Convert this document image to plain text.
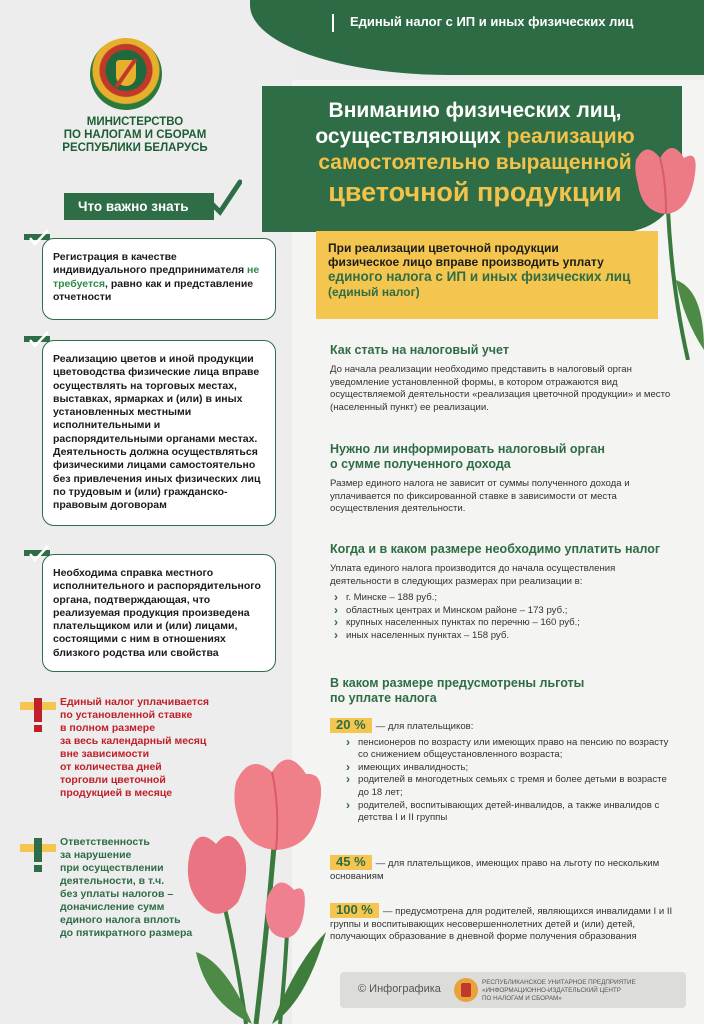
Единый налог с ИП и иных физических лиц
МИНИСТЕРСТВО
ПО НАЛОГАМ И СБОРАМ
РЕСПУБЛИКИ БЕЛАРУСЬ
Что важно знать
Регистрация в качестве индивидуального предпринимателя не требуется, равно как и представление отчетности
Реализацию цветов и иной продукции цветоводства физические лица вправе осуществлять на торговых местах, выставках, ярмарках и (или) в иных установленных местными исполнительными и распорядительными органами местах. Деятельность должна осуществляться физическими лицами самостоятельно без привлечения иных физических лиц по трудовым и (или) гражданско-правовым договорам
Необходима справка местного исполнительного и распорядительного органа, подтверждающая, что реализуемая продукция произведена плательщиком или и (или) лицами, состоящими с ним в отношениях близкого родства или свойства
Единый налог уплачивается
по установленной ставке
в полном размере
за весь календарный месяц
вне зависимости
от количества дней
торговли цветочной
продукцией в месяце
Ответственность
за нарушение
при осуществлении
деятельности, в т.ч.
без уплаты налогов –
доначисление сумм
единого налога вплоть
до пятикратного размера
Вниманию физических лиц,
осуществляющих реализацию
самостоятельно выращенной
цветочной продукции
При реализации цветочной продукции
физическое лицо вправе производить уплату
единого налога с ИП и иных физических лиц
(единый налог)
Как стать на налоговый учет

До начала реализации необходимо представить в налоговый орган уведомление установленной формы, в котором отражаются вид осуществляемой деятельности «реализация цветочной продукции» и место (населенный пункт) ее реализации.

Нужно ли информировать налоговый орган
о сумме полученного дохода

Размер единого налога не зависит от суммы полученного дохода и уплачивается по фиксированной ставке в зависимости от места осуществления деятельности.

Когда и в каком размере необходимо уплатить налог

Уплата единого налога производится до начала осуществления деятельности в следующих размерах при реализации в:

› г. Минске – 188 руб.;
› областных центрах и Минском районе – 173 руб.;
› крупных населенных пунктах по перечню – 160 руб.;
› иных населенных пунктах – 158 руб.
В каком размере предусмотрены льготы
по уплате налога
20 % — для плательщиков:
› пенсионеров по возрасту или имеющих право на пенсию по возрасту со снижением общеустановленного возраста;
› имеющих инвалидность;
› родителей в многодетных семьях с тремя и более детьми в возрасте до 18 лет;
› родителей, воспитывающих детей-инвалидов, а также инвалидов с детства I и II группы
45 % — для плательщиков, имеющих право на льготу по нескольким основаниям
100 % — предусмотрена для родителей, являющихся инвалидами I и II группы и воспитывающих несовершеннолетних детей и (или) детей, получающих образование в дневной форме получения образования
© Инфографика
РЕСПУБЛИКАНСКОЕ УНИТАРНОЕ ПРЕДПРИЯТИЕ
«ИНФОРМАЦИОННО-ИЗДАТЕЛЬСКИЙ ЦЕНТР
ПО НАЛОГАМ И СБОРАМ»
